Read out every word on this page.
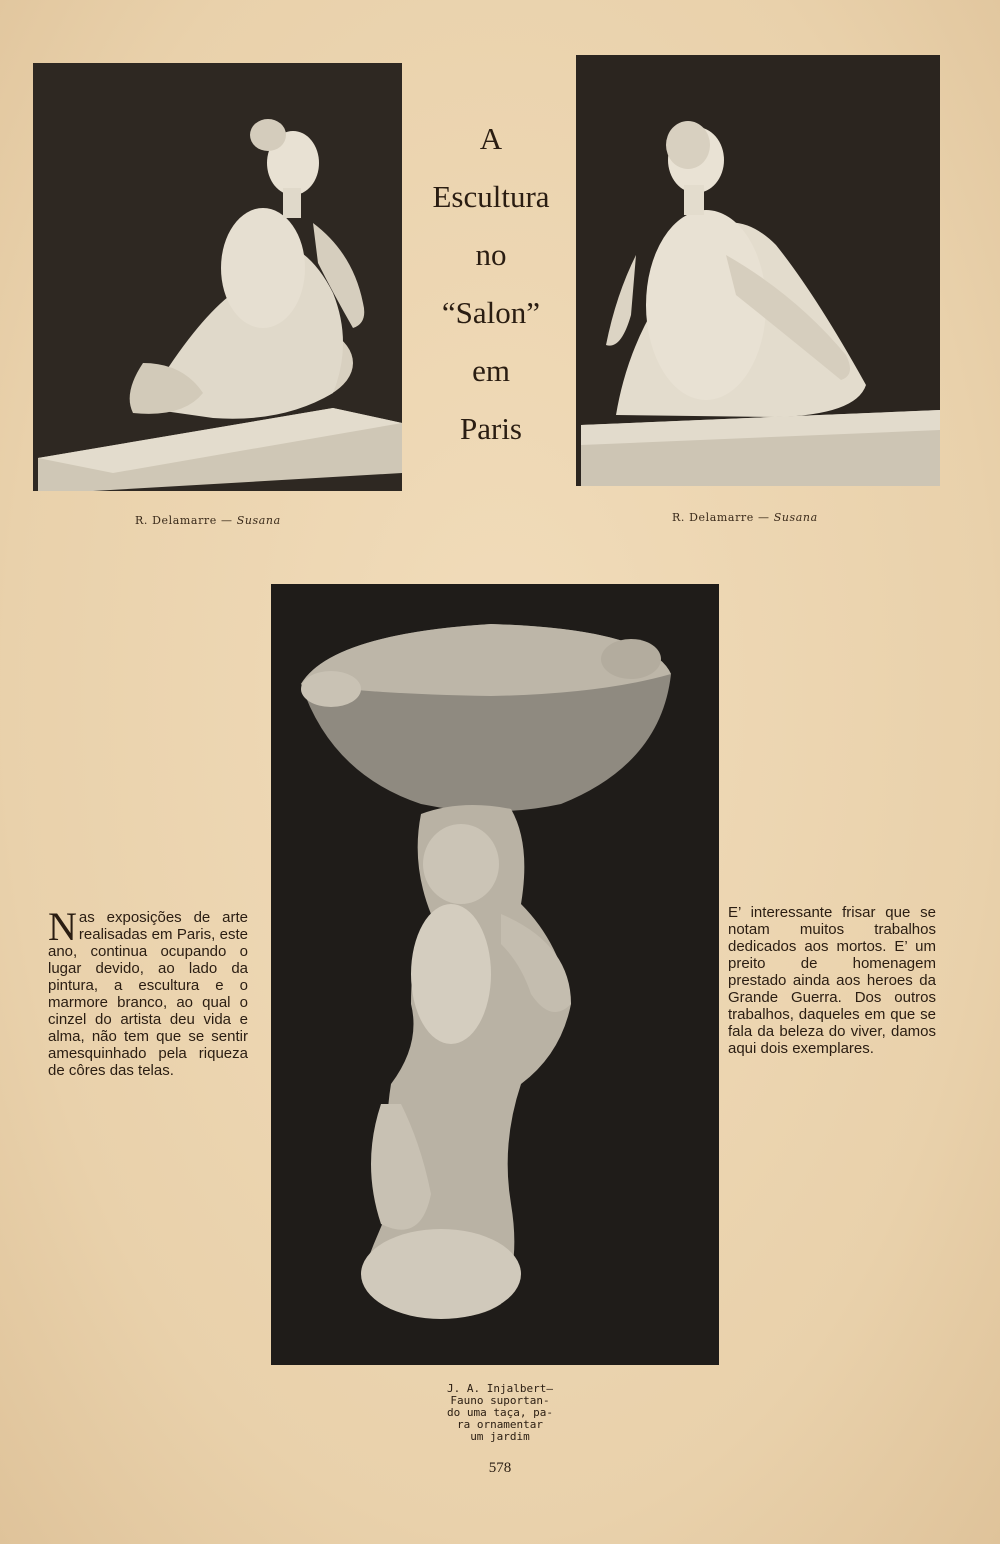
A
Escultura
no
“Salon”
em
Paris
R. Delamarre — Susana	R. Delamarre — Susana
Nas exposições de arte realisadas em Paris, este ano, continua ocupando o lugar devido, ao lado da pintura, a escultura e o marmore branco, ao qual o cinzel do artista deu vida e alma, não tem que se sentir amesquinhado pela riqueza de côres das telas.
E’ interessante frisar que se notam muitos trabalhos dedicados aos mortos. E’ um preito de homenagem prestado ainda aos heroes da Grande Guerra. Dos outros trabalhos, daqueles em que se fala da beleza do viver, damos aqui dois exemplares.
J. A. Injalbert—
Fauno suportan-
do uma taça, pa-
ra ornamentar
um jardim
578
